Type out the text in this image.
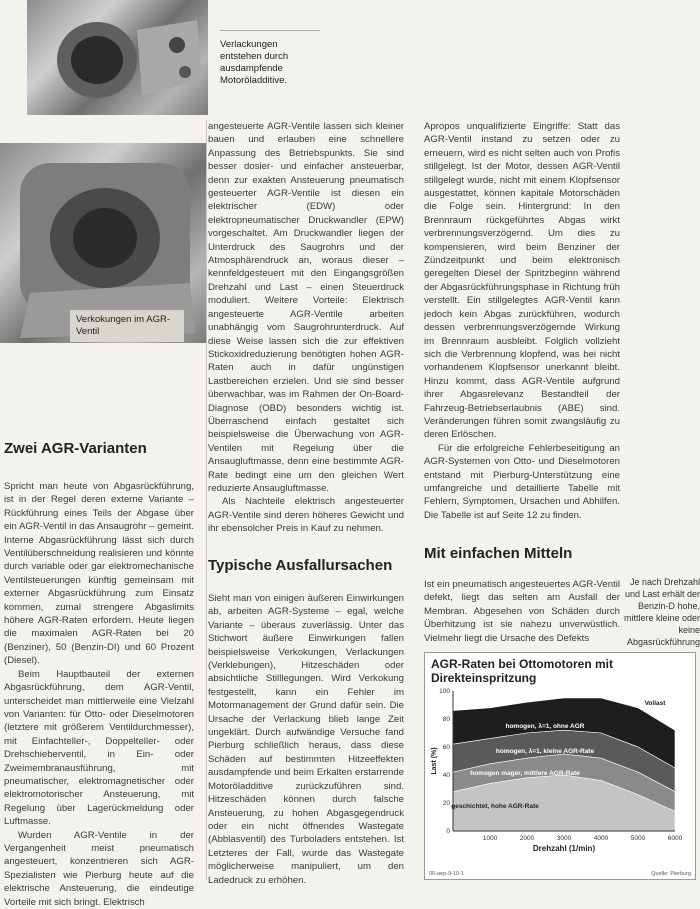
Verlackungen entstehen durch ausdampfende Motoröladditive.
Verkokungen im AGR-Ventil
Zwei AGR-Varianten

Spricht man heute von Abgasrückführung, ist in der Regel deren externe Variante – Rückführung eines Teils der Abgase über ein AGR-Ventil in das Ansaugrohr – gemeint. Interne Abgasrückführung lässt sich durch Ventilüberschneidung realisieren und könnte durch variable oder gar elektromechanische Ventilsteuerungen künftig gemeinsam mit externer Abgasrückführung zum Einsatz kommen, zumal strengere Abgaslimits höhere AGR-Raten erfordern. Heute liegen die maximalen AGR-Raten bei 20 (Benziner), 50 (Benzin-DI) und 60 Prozent (Diesel).

Beim Hauptbauteil der externen Abgasrückführung, dem AGR-Ventil, unterscheidet man mittlerweile eine Vielzahl von Varianten: für Otto- oder Dieselmotoren (letztere mit größerem Ventildurchmesser), mit Einfachteller-, Doppelteller- oder Drehschieberventil, in Ein- oder Zweimembranausführung, mit pneumatischer, elektromagnetischer oder elektromotorischer Ansteuerung, mit Regelung über Lagerückmeldung oder Luftmasse.

Wurden AGR-Ventile in der Vergangenheit meist pneumatisch angesteuert, konzentrieren sich AGR-Spezialisten wie Pierburg heute auf die elektrische Ansteuerung, die eindeutige Vorteile mit sich bringt. Elektrisch

angesteuerte AGR-Ventile lassen sich kleiner bauen und erlauben eine schnellere Anpassung des Betriebspunkts. Sie sind besser dosier- und einfacher ansteuerbar, denn zur exakten Ansteuerung pneumatisch gesteuerter AGR-Ventile ist diesen ein elektrischer (EDW) oder elektropneumatischer Druckwandler (EPW) vorgeschaltet. Am Druckwandler liegen der Unterdruck des Saugrohrs und der Atmosphärendruck an, woraus dieser – kennfeldgesteuert mit den Eingangsgrößen Drehzahl und Last – einen Steuerdruck moduliert. Weitere Vorteile: Elektrisch angesteuerte AGR-Ventile arbeiten unabhängig vom Saugrohrunterdruck. Auf diese Weise lassen sich die zur effektiven Stickoxidreduzierung benötigten hohen AGR-Raten auch in dafür ungünstigen Lastbereichen erzielen. Und sie sind besser überwachbar, was im Rahmen der On-Board-Diagnose (OBD) besonders wichtig ist. Überraschend einfach gestaltet sich beispielsweise die Überwachung von AGR-Ventilen mit Regelung über die Ansaugluftmasse, denn eine bestimmte AGR-Rate bedingt eine um den gleichen Wert reduzierte Ansaugluftmasse.

Als Nachteile elektrisch angesteuerter AGR-Ventile sind deren höheres Gewicht und ihr ebensolcher Preis in Kauf zu nehmen.

Typische Ausfallursachen

Sieht man von einigen äußeren Einwirkungen ab, arbeiten AGR-Systeme – egal, welche Variante – überaus zuverlässig. Unter das Stichwort äußere Einwirkungen fallen beispielsweise Verkokungen, Verlackungen (Verklebungen), Hitzeschäden oder absichtliche Stilllegungen. Wird Verkokung festgestellt, kann ein Fehler im Motormanagement der Grund dafür sein. Die Ursache der Verlackung blieb lange Zeit ungeklärt. Durch aufwändige Versuche fand Pierburg schließlich heraus, dass diese Schäden auf bestimmten Hitzeeffekten ausdampfende und beim Erkalten erstarrende Motoröladditive zurückzuführen sind. Hitzeschäden können durch falsche Ansteuerung, zu hohen Abgasgegendruck oder ein nicht öffnendes Wastegate (Abblasventil) des Turboladers entstehen. Ist Letzteres der Fall, wurde das Wastegate möglicherweise manipuliert, um den Ladedruck zu erhöhen.

Apropos unqualifizierte Eingriffe: Statt das AGR-Ventil instand zu setzen oder zu erneuern, wird es nicht selten auch von Profis stillgelegt. Ist der Motor, dessen AGR-Ventil stillgelegt wurde, nicht mit einem Klopfsensor ausgestattet, können kapitale Motorschäden die Folge sein. Hintergrund: In den Brennraum rückgeführtes Abgas wirkt verbrennungsverzögernd. Um dies zu kompensieren, wird beim Benziner der Zündzeitpunkt und beim elektronisch geregelten Diesel der Spritzbeginn während der Abgasrückführungsphase in Richtung früh verstellt. Ein stillgelegtes AGR-Ventil kann jedoch kein Abgas zurückführen, wodurch dessen verbrennungsverzögernde Wirkung im Brennraum ausbleibt. Folglich vollzieht sich die Verbrennung klopfend, was bei nicht vorhandenem Klopfsensor unerkannt bleibt. Hinzu kommt, dass AGR-Ventile aufgrund ihrer Abgasrelevanz Bestandteil der Fahrzeug-Betriebserlaubnis (ABE) sind. Veränderungen führen somit zwangsläufig zu deren Erlöschen.

Für die erfolgreiche Fehlerbeseitigung an AGR-Systemen von Otto- und Dieselmotoren entstand mit Pierburg-Unterstützung eine umfangreiche und detaillierte Tabelle mit Fehlern, Symptomen, Ursachen und Abhilfen. Die Tabelle ist auf Seite 12 zu finden.

Mit einfachen Mitteln

Ist ein pneumatisch angesteuertes AGR-Ventil defekt, liegt das selten am Ausfall der Membran. Abgesehen von Schäden durch Überhitzung ist sie nahezu unverwüstlich. Vielmehr liegt die Ursache des Defekts

Je nach Drehzahl und Last erhält der Benzin-D hohe, mittlere kleine oder keine Abgasrückführung
AGR-Raten bei Ottomotoren mit Direkteinspritzung
Vollast
homogen, λ=1, ohne AGR
homogen, λ=1, kleine AGR-Rate
homogen mager, mittlere AGR-Rate
geschichtet, hohe AGR-Rate
0
20
40
60
80
100
1000	2000	3000	4000	5000	6000
Drehzahl (1/min)
Last (%)
00-aep-9-10-1	Quelle: Pierburg
